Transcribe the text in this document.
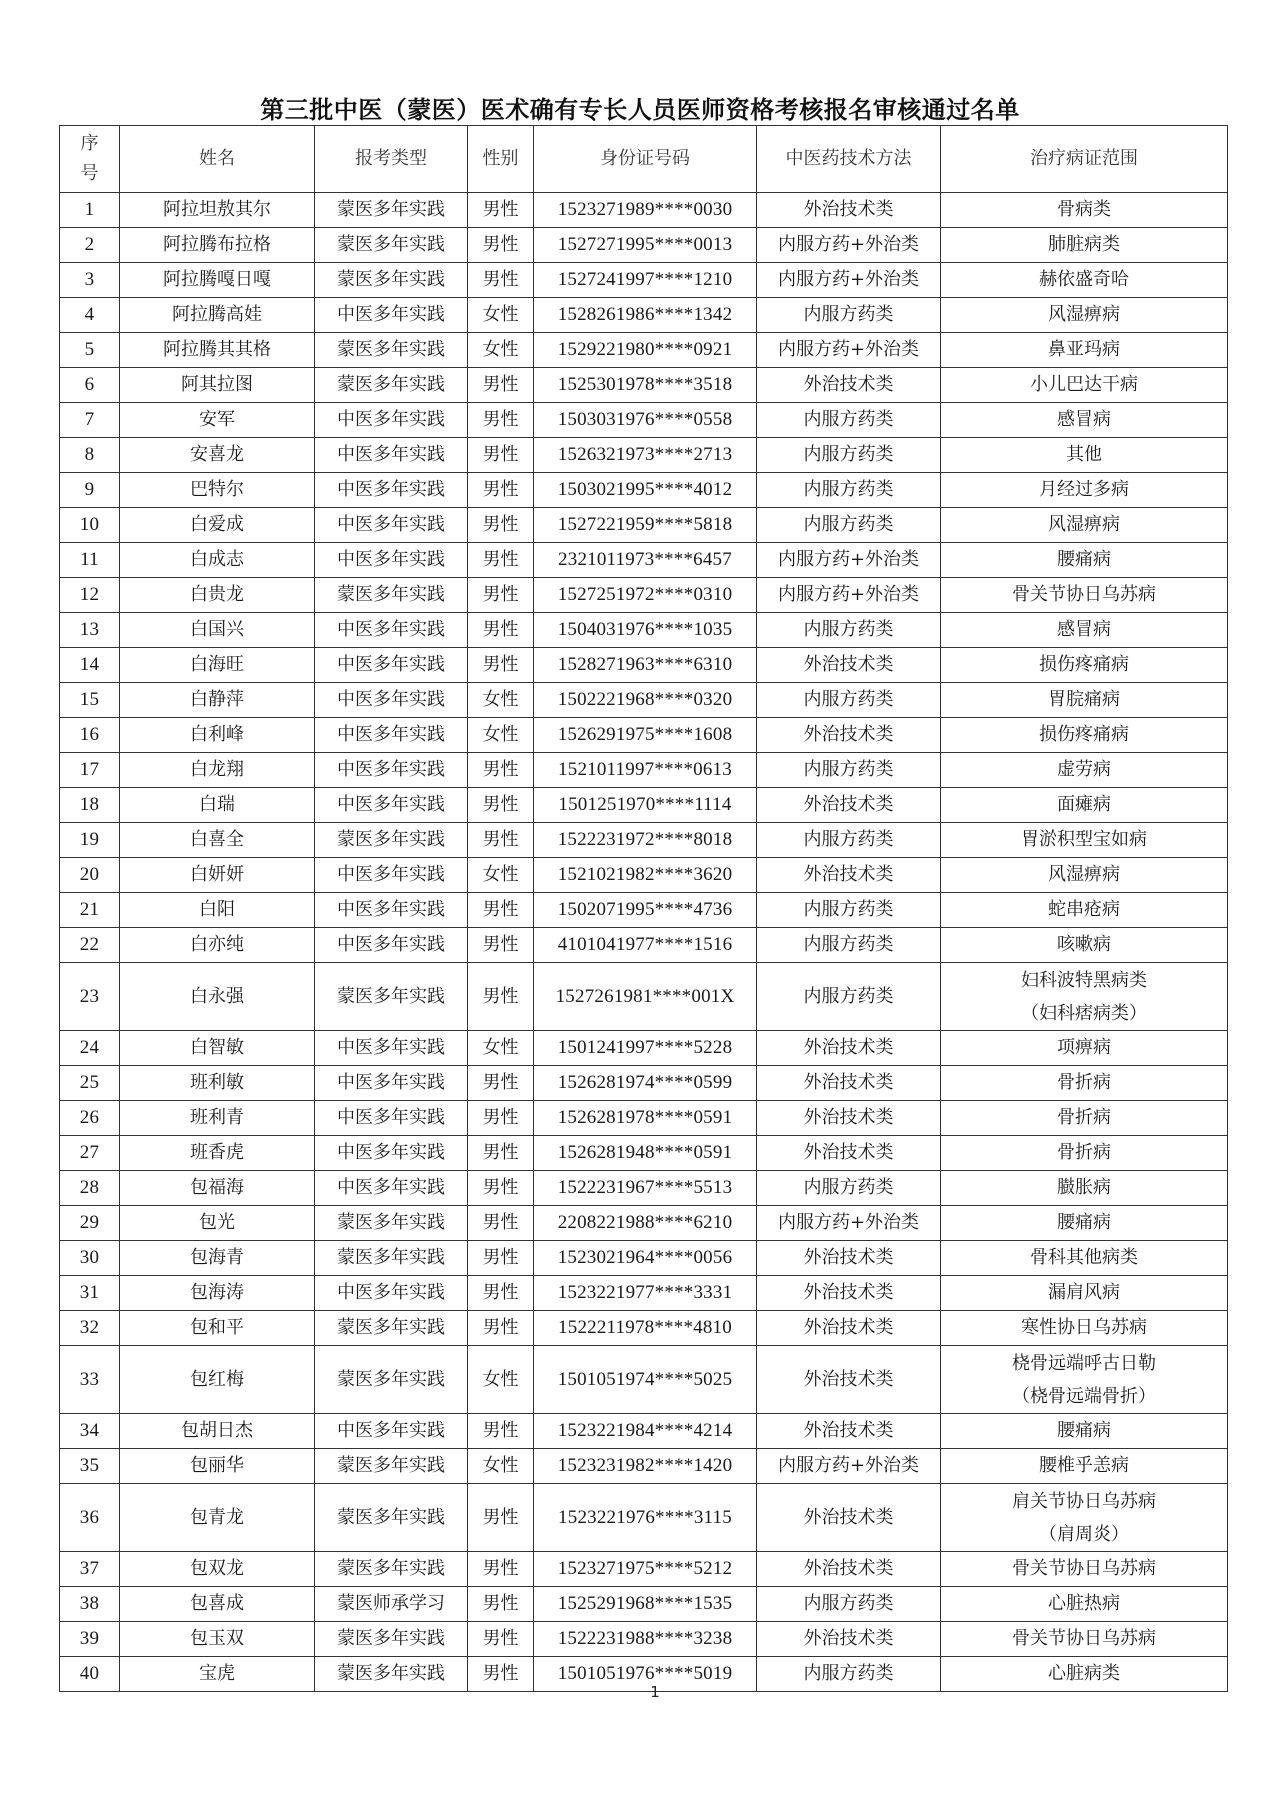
第三批中医（蒙医）医术确有专长人员医师资格考核报名审核通过名单
序
号	姓名	报考类型	性别	身份证号码	中医药技术方法	治疗病证范围
1	阿拉坦敖其尔	蒙医多年实践	男性	1523271989****0030	外治技术类	骨病类
2	阿拉腾布拉格	蒙医多年实践	男性	1527271995****0013	内服方药+外治类	肺脏病类
3	阿拉腾嘎日嘎	蒙医多年实践	男性	1527241997****1210	内服方药+外治类	赫依盛奇哈
4	阿拉腾高娃	中医多年实践	女性	1528261986****1342	内服方药类	风湿痹病
5	阿拉腾其其格	蒙医多年实践	女性	1529221980****0921	内服方药+外治类	鼻亚玛病
6	阿其拉图	蒙医多年实践	男性	1525301978****3518	外治技术类	小儿巴达干病
7	安军	中医多年实践	男性	1503031976****0558	内服方药类	感冒病
8	安喜龙	中医多年实践	男性	1526321973****2713	内服方药类	其他
9	巴特尔	中医多年实践	男性	1503021995****4012	内服方药类	月经过多病
10	白爱成	中医多年实践	男性	1527221959****5818	内服方药类	风湿痹病
11	白成志	中医多年实践	男性	2321011973****6457	内服方药+外治类	腰痛病
12	白贵龙	蒙医多年实践	男性	1527251972****0310	内服方药+外治类	骨关节协日乌苏病
13	白国兴	中医多年实践	男性	1504031976****1035	内服方药类	感冒病
14	白海旺	中医多年实践	男性	1528271963****6310	外治技术类	损伤疼痛病
15	白静萍	中医多年实践	女性	1502221968****0320	内服方药类	胃脘痛病
16	白利峰	中医多年实践	女性	1526291975****1608	外治技术类	损伤疼痛病
17	白龙翔	中医多年实践	男性	1521011997****0613	内服方药类	虚劳病
18	白瑞	中医多年实践	男性	1501251970****1114	外治技术类	面瘫病
19	白喜全	蒙医多年实践	男性	1522231972****8018	内服方药类	胃淤积型宝如病
20	白妍妍	中医多年实践	女性	1521021982****3620	外治技术类	风湿痹病
21	白阳	中医多年实践	男性	1502071995****4736	内服方药类	蛇串疮病
22	白亦纯	中医多年实践	男性	4101041977****1516	内服方药类	咳嗽病
23	白永强	蒙医多年实践	男性	1527261981****001X	内服方药类	妇科波特黑病类
（妇科痞病类）

24	白智敏	中医多年实践	女性	1501241997****5228	外治技术类	项痹病
25	班利敏	中医多年实践	男性	1526281974****0599	外治技术类	骨折病
26	班利青	中医多年实践	男性	1526281978****0591	外治技术类	骨折病
27	班香虎	中医多年实践	男性	1526281948****0591	外治技术类	骨折病
28	包福海	中医多年实践	男性	1522231967****5513	内服方药类	臌胀病
29	包光	蒙医多年实践	男性	2208221988****6210	内服方药+外治类	腰痛病
30	包海青	蒙医多年实践	男性	1523021964****0056	外治技术类	骨科其他病类
31	包海涛	中医多年实践	男性	1523221977****3331	外治技术类	漏肩风病
32	包和平	蒙医多年实践	男性	1522211978****4810	外治技术类	寒性协日乌苏病
33	包红梅	蒙医多年实践	女性	1501051974****5025	外治技术类	桡骨远端呼古日勒
（桡骨远端骨折）

34	包胡日杰	中医多年实践	男性	1523221984****4214	外治技术类	腰痛病
35	包丽华	蒙医多年实践	女性	1523231982****1420	内服方药+外治类	腰椎乎恙病
36	包青龙	蒙医多年实践	男性	1523221976****3115	外治技术类	肩关节协日乌苏病
（肩周炎）

37	包双龙	蒙医多年实践	男性	1523271975****5212	外治技术类	骨关节协日乌苏病
38	包喜成	蒙医师承学习	男性	1525291968****1535	内服方药类	心脏热病
39	包玉双	蒙医多年实践	男性	1522231988****3238	外治技术类	骨关节协日乌苏病
40	宝虎	蒙医多年实践	男性	1501051976****5019	内服方药类	心脏病类
1
